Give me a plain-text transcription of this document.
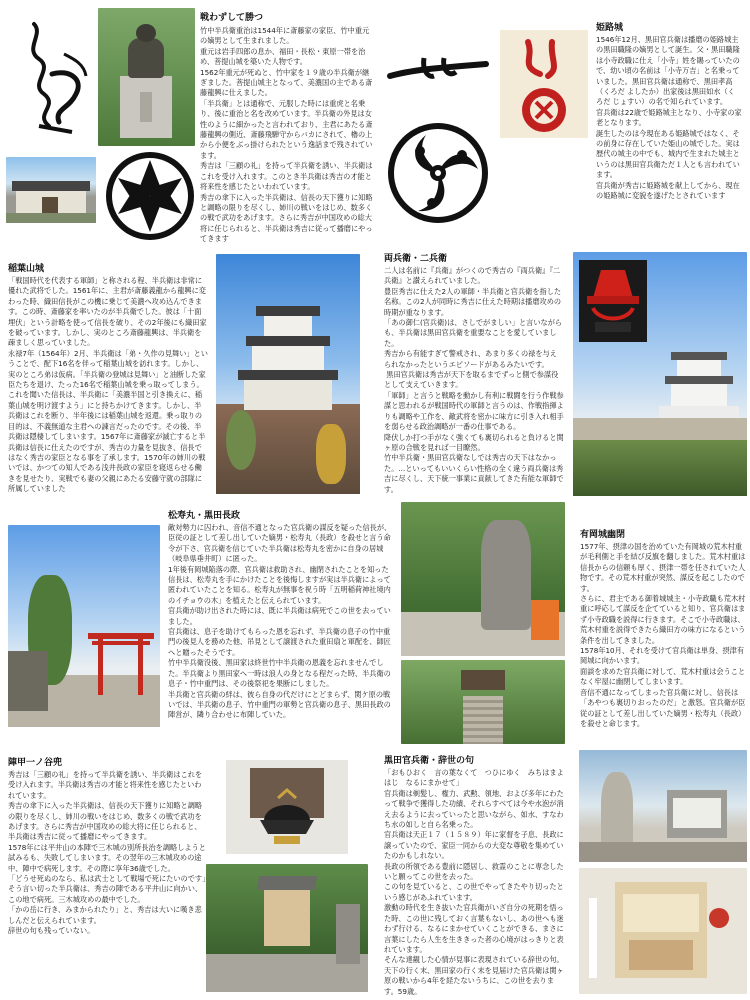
戦わずして勝つ
竹中半兵衛重治は1544年に斎藤家の家臣、竹中重元の嫡男として生まれました。
重元は岩手四郎の息か、福田・長松・東原一帯を治め、菩提山城を築いた人物です。
1562年重元が死ぬと、竹中家を１９歳の半兵衛が継ぎました。菩提山城主となって、美濃国の主である斎藤龍興に仕えました。
「半兵衛」とは通称で、元服した時には重虎と名乗り、後に重治と名を改めています。半兵衛の外見は女性のように細かったと言われており、主君にあたる斎藤龍興の側近、斎藤飛騨守からバカにされて、櫓の上から小便をぶっ掛けられたという逸話まで残されています。
秀吉は「三顧の礼」を持って半兵衛を誘い、半兵衛はこれを受け入れます。このとき半兵衛は秀吉の才能と将来性を感じたといわれています。
秀吉の傘下に入った半兵衛は、信長の天下獲りに知略と調略の限りを尽くし、姉川の戦いをはじめ、数多くの戦で武功をあげます。さらに秀吉が中国攻めの総大将に任じられると、半兵衛は秀吉に従って播磨にやってきます
姫路城
1546年12月、黒田官兵衛は播磨の姫路城主の黒田職隆の嫡男として誕生。父・黒田職隆は小寺政職に仕え「小寺」姓を賜っていたので、幼い頃の名前は「小寺万吉」と名乗っていました。黒田官兵衛は通称で、黒田孝高（くろだ よしたか）出家後は黒田如水（くろだ じょすい）の名で知られています。
官兵衛は22歳で姫路城主となり、小寺家の家老となります。
誕生したのは今現在ある姫路城ではなく、その前身に存在していた姫山の城でした。実は歴代の城主の中でも、城内で生まれた城主というのは黒田官兵衛ただ１人とも言われています。
官兵衛が秀吉に姫路城を献上してから、現在の姫路城に変貌を遂げたとされています
稲葉山城
「戦国時代を代表する軍師」と称される程、半兵衛は非常に優れた武将でした。1561年に、主君が斎藤義龍から龍興に変わった時、織田信長がこの機に乗じて美濃へ攻め込んできます。この時、斎藤家を率いたのが半兵衛でした。彼は「十面埋伏」という計略を使って信長を破り、その2年後にも織田家を破っています。しかし、実のところ斎藤龍興は、半兵衛を疎ましく思っていました。
永禄7年（1564年）2月、半兵衛は「弟・久作の見舞い」ということで、配下16名を伴って稲葉山城を訪れます。しかし、実のところ弟は仮病。「半兵衛の登城は見舞い」と油断した家臣たちを退け、たった16名で稲葉山城を乗っ取ってしまう。
これを聞いた信長は、半兵衛に「美濃半国と引き換えに、稲葉山城を明け渡すよう」にと持ちかけてきます。しかし、半兵衛はこれを断り、半年後には稲葉山城を返還。乗っ取りの目的は、不義無道な主君への諫言だったのです。その後、半兵衛は隠棲してしまいます。1567年に斎藤家が滅亡すると半兵衛は信長に仕えたのですが、秀吉の力量を見抜き、信長ではなく秀吉の家臣となる事を了承します。1570年の姉川の戦いでは、かつての知人である浅井長政の家臣を寝返らせる働きを見せたり、実戦でも妻の父親にあたる安藤守就の部隊に所属していました
両兵衛・二兵衛
二人は名前に『兵衛』がつくので秀吉の『両兵衛』『二兵衛』と讃えられていました。
豊臣秀吉に仕えた2人の軍師・半兵衛と官兵衛を指した名称。この2人が同時に秀吉に仕えた時期は播磨攻めの時期が重なります。
「あの御仁(官兵衛)は、さしでがましい」と言いながらも、半兵衛は黒田官兵衛を重要なことを愛していました。
秀吉から有能すぎて警戒され、あまり多くの禄を与えられなかったというエピソードがあるみたいです。
黒田官兵衛は秀吉が天下を取るまでずっと側で参謀役として支えていきます。
「軍師」と言うと戦略を動かし有利に戦闘を行う作戦参謀と思われるが戦国時代の軍師と言うのは、作戦指揮よりも調略や工作を、敵武将を密かに味方に引き入れ相手を弱らせる政治調略が一番の仕事である。
降伏しか打つ手がなく強くても裏切られると負けると関ヶ原の合戦を見れば一目瞭然。
竹中半兵衛・黒田官兵衛なしでは秀吉の天下はなかった。...といってもいいくらい性格の全く違う両兵衛は秀吉に尽くし、天下統一事業に貢献してきた有能な軍師です。
松寿丸・黒田長政
敵対勢力に囚われ、音信不通となった官兵衛の謀反を疑った信長が、臣従の証として差し出していた嫡男・松寿丸（長政）を殺せと言う命令が下さ、官兵衛を信じていた半兵衛は松寿丸を密かに自身の居城（岐阜県垂井町）に匿った。
1年後有岡城陥落の際、官兵衛は救助され、幽閉されたことを知った信長は、松寿丸を手にかけたことを後悔しますが実は半兵衛によって匿われていたことを知る。松寿丸が無事を祝う時「五明稲荷神社境内のイチョウの木」を植えたと伝えられています。
官兵衛が助け出された時には、既に半兵衛は病死でこの世を去っていました。
官兵衛は、息子を助けてもらった恩を忘れず、半兵衛の息子の竹中重門の後見人を務めた他、吊見として譲渡された重田扇と軍配を、師匠へと贈ったそうです。
竹中半兵衛没後、黒田家は終世竹中半兵衛の恩義を忘れませんでした。半兵衛より黒田家へ一時は浪人の身となる程だった時、半兵衛の息子・竹中重門は、その後祭祀を果断にしました。
半兵衛と官兵衛の絆は、彼ら自身の代だけにとどまらず、関ケ原の戦いでは、半兵衛の息子、竹中重門の軍勢と官兵衛の息子、黒田長政の陣営が、隣り合わせに布陣していた。
有岡城幽閉
1577年、摂津の国を治めていた有岡城の荒木村重が毛利側と手を結び反旗を翻しました。荒木村重は信長からの信頼も厚く、摂津一帯を任されていた人物です。その荒木村重が突然、謀反を起こしたのです。
さらに、君主である御着城城主・小寺政職も荒木村重に呼応して謀反を企てていると知り、官兵衛はまず小寺政職を説得に行きます。そこで小寺政職は、荒木村重を説得できたら織田方の味方になるという条件を出してきました。
1578年10月、それを受けて官兵衛は単身、摂津有岡城に向かいます。
面談を求めた官兵衛に対して、荒木村重は会うことなく牢屋に幽閉してしまいます。
音信不通になってしまった官兵衛に対し、信長は「あやつも裏切りおったのだ」と激怒。官兵衛が臣従の証として差し出していた嫡男・松寿丸（長政）を殺せと命じます。
陣甲一ノ谷兜
秀吉は「三顧の礼」を持って半兵衛を誘い、半兵衛はこれを受け入れます。半兵衛は秀吉の才能と将来性を感じたといわれています。
秀吉の傘下に入った半兵衛は、信長の天下獲りに知略と調略の限りを尽くし、姉川の戦いをはじめ、数多くの戦で武功をあげます。さらに秀吉が中国攻めの総大将に任じられると、半兵衛は秀吉に従って播磨にやってきます。
1578年には平井山の本陣で三木城の別所長治を調略しようと試みるも、失敗してしまいます。その翌年の三木城攻めの途中、陣中で病死します。その際に享年36歳でした。
「どうせ死ぬのなら、私は武士として戦場で死にたいのです」そう言い切った半兵衛は、秀吉の陣である平井山に向かい、この地で病死。三木城攻めの最中でした。
「かの岳に行き、みまかられたり」と、秀吉は大いに嘆き悲しんだと伝えられています。
辞世の句も残っていない。
黒田官兵衛・辞世の句
「おもひおく　言の葉なくて　つひにゆく　みちはまよはじ　なるにまかせて」
官兵衛は剃髪し、権力、武勲、領地、および多年にわたって戦争で獲得した功績、それらすべては今や水泡が消え去るように去っていったと思いながら、如水、すなわち水の如しと自ら名乗った。
官兵衛は天正１７（１５８９）年に家督を子息、長政に譲っていたので、家臣一同からの大変な尊敬を集めていたのかもしれない。
長政の所領である豊前に隠居し、救霊のことに専念したいと願ってこの世を去った。
この句を見ていると、この世でやってきたやり切ったという感じがあふれています。
激動の時代を生き抜いた官兵衛がいざ自分の死期を悟った時、この世に残しておく言葉もないし、あの世へも迷わず行ける、なるにまかせていくことができる、まさに言葉にしたら人生を生ききった者の心境がはっきりと表れています。
そんな達観した心情が見事に表現されている辞世の句。
天下の行く末、黒田家の行く末を見届けた官兵衛は関ヶ原の戦いから4年を経たないうちに、この世を去ります。59歳。
